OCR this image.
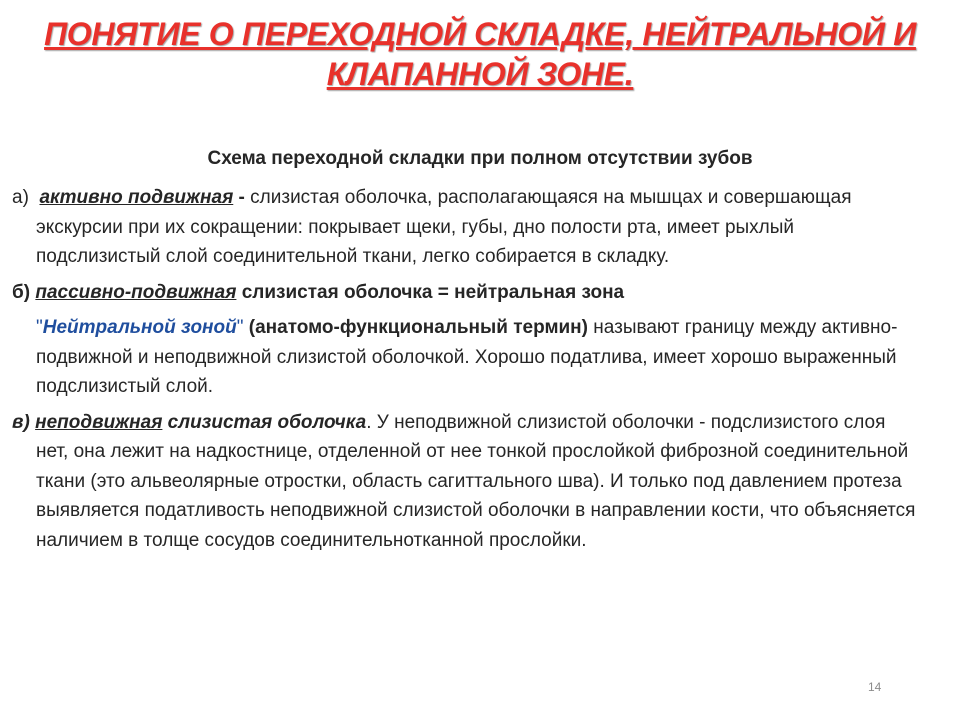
ПОНЯТИЕ О ПЕРЕХОДНОЙ СКЛАДКЕ, НЕЙТРАЛЬНОЙ И
КЛАПАННОЙ ЗОНЕ.

Схема переходной складки при полном отсутствии зубов

а) активно подвижная - слизистая оболочка, располагающаяся на мышцах и совершающая экскурсии при их сокращении: покрывает щеки, губы, дно полости рта, имеет рыхлый подслизистый слой соединительной ткани, легко собирается в складку.

б) пассивно-подвижная слизистая оболочка = нейтральная зона

"Нейтральной зоной" (анатомо-функциональный термин) называют границу между активно-подвижной и неподвижной слизистой оболочкой. Хорошо податлива, имеет хорошо выраженный подслизистый слой.

в) неподвижная слизистая оболочка. У неподвижной слизистой оболочки - подслизистого слоя нет, она лежит на надкостнице, отделенной от нее тонкой прослойкой фиброзной соединительной ткани (это альвеолярные отростки, область сагиттального шва). И только под давлением протеза выявляется податливость неподвижной слизистой оболочки в направлении кости, что объясняется наличием в толще сосудов соединительнотканной прослойки.

14
